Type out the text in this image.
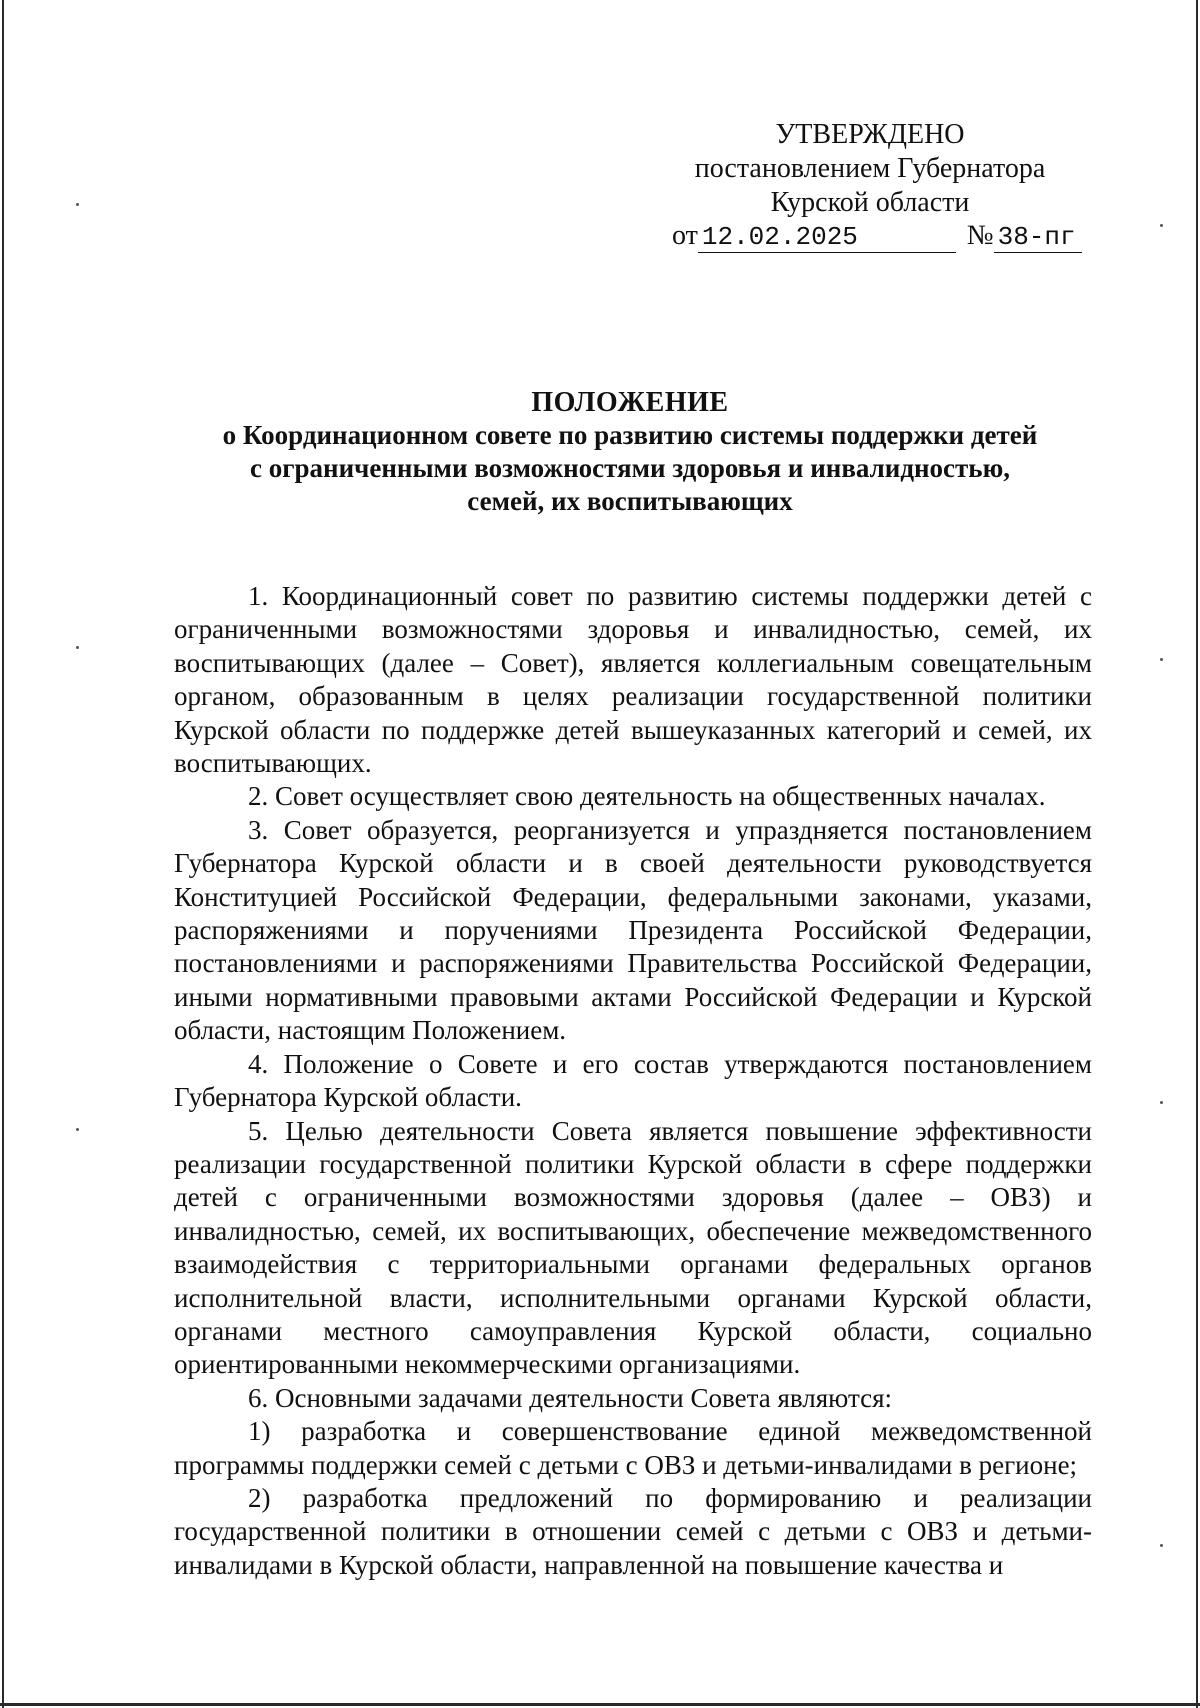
УТВЕРЖДЕНО
постановлением Губернатора
Курской области
от 12.02.2025	№ 38-пг
ПОЛОЖЕНИЕ
о Координационном совете по развитию системы поддержки детей
с ограниченными возможностями здоровья и инвалидностью,
семей, их воспитывающих

1. Координационный совет по развитию системы поддержки детей с ограниченными возможностями здоровья и инвалидностью, семей, их воспитывающих (далее – Совет), является коллегиальным совещательным органом, образованным в целях реализации государственной политики Курской области по поддержке детей вышеуказанных категорий и семей, их воспитывающих.

2. Совет осуществляет свою деятельность на общественных началах.

3. Совет образуется, реорганизуется и упраздняется постановлением Губернатора Курской области и в своей деятельности руководствуется Конституцией Российской Федерации, федеральными законами, указами, распоряжениями и поручениями Президента Российской Федерации, постановлениями и распоряжениями Правительства Российской Федерации, иными нормативными правовыми актами Российской Федерации и Курской области, настоящим Положением.

4. Положение о Совете и его состав утверждаются постановлением Губернатора Курской области.

5. Целью деятельности Совета является повышение эффективности реализации государственной политики Курской области в сфере поддержки детей с ограниченными возможностями здоровья (далее – ОВЗ) и инвалидностью, семей, их воспитывающих, обеспечение межведомственного взаимодействия с территориальными органами федеральных органов исполнительной власти, исполнительными органами Курской области, органами местного самоуправления Курской области, социально ориентированными некоммерческими организациями.

6. Основными задачами деятельности Совета являются:

1) разработка и совершенствование единой межведомственной программы поддержки семей с детьми с ОВЗ и детьми-инвалидами в регионе;

2) разработка предложений по формированию и реализации государственной политики в отношении семей с детьми с ОВЗ и детьми-инвалидами в Курской области, направленной на повышение качества и
